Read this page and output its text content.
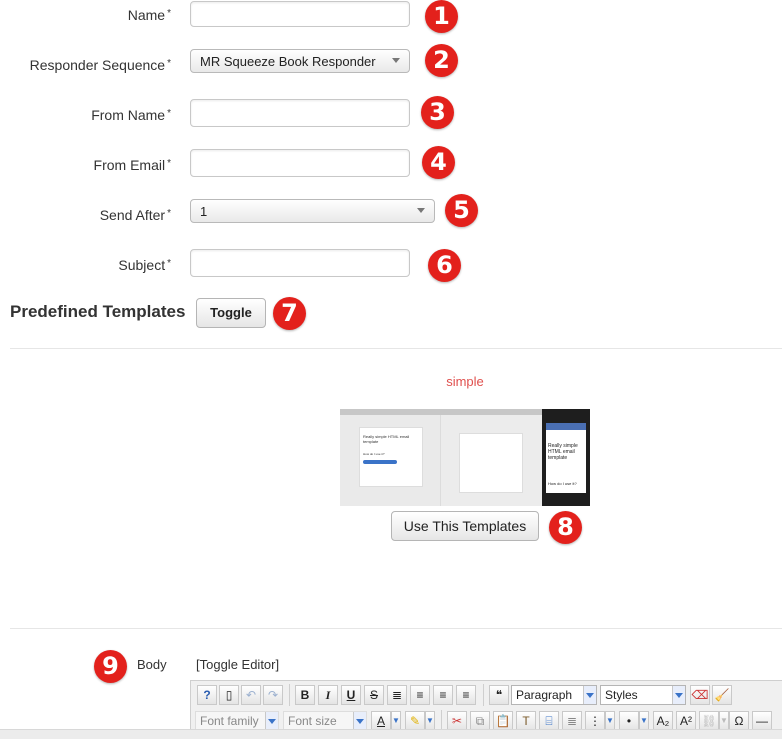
Name *	1
Responder Sequence *	MR Squeeze Book Responder	2
From Name *	3
From Email *	4
Send After *	1	5
Subject *	6
Predefined Templates	Toggle	7
simple
Really simple HTML email template
How do I use it?
Really simple HTML email template
How do I use it?
Use This Templates	8
9	Body [Toggle Editor]
?	▯	↶ ↷	B	I	U	S	≣	≡	≡	≡	❝	Paragraph	Styles	⌫ 🧹
Font family	Font size	A ▼ ✎ ▼	✂	⧉ 📋 T	⌸	≣ ⋮ ▼	•	▼ A₂ A² ⛓ ▼ Ω	—
